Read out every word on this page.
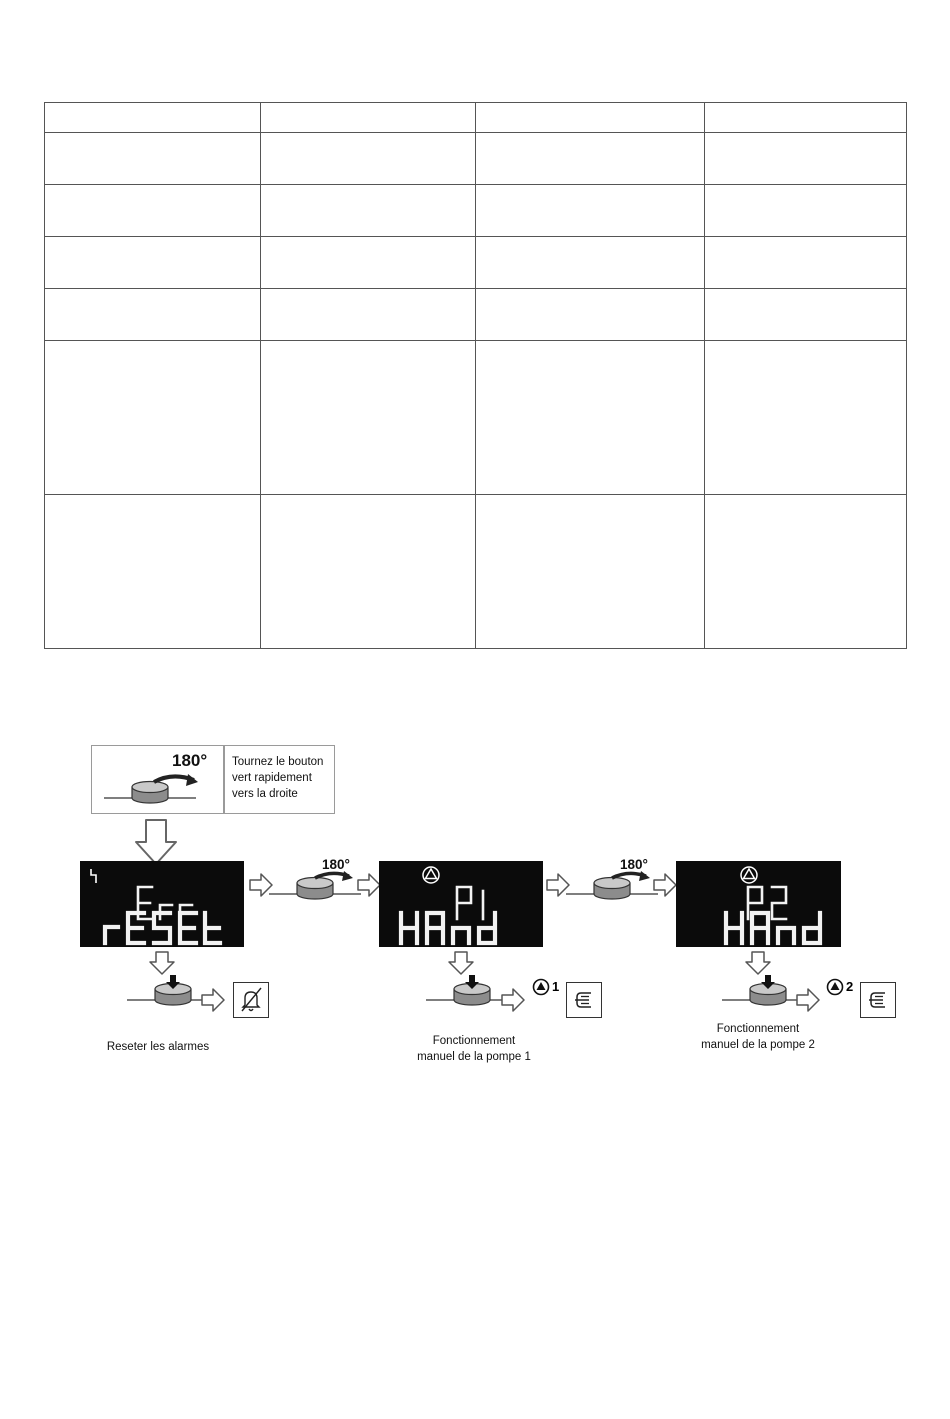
180° Tournez le bouton
vert rapidement
vers la droite
180°	180°
Reseter les alarmes
1
Fonctionnement
manuel de la pompe 1
2
Fonctionnement
manuel de la pompe 2
